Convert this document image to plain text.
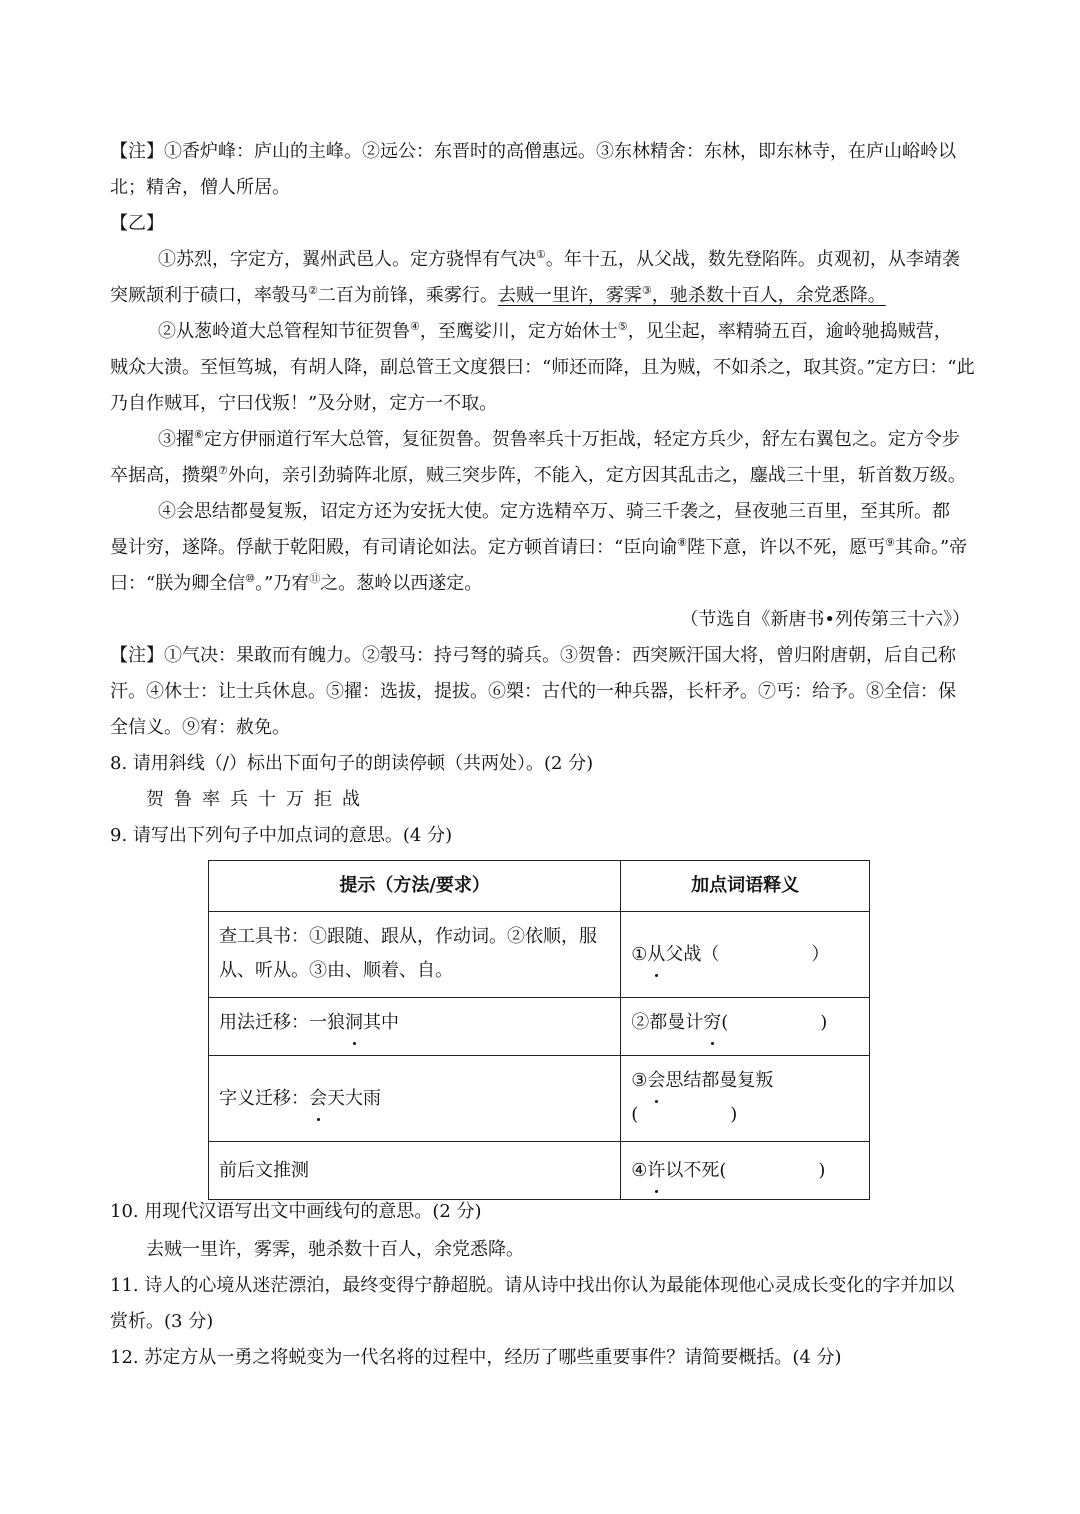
【注】①香炉峰：庐山的主峰。②远公：东晋时的高僧惠远。③东林精舍：东林，即东林寺，在庐山峪岭以
北；精舍，僧人所居。
【乙】
①苏烈，字定方，翼州武邑人。定方骁悍有气决①。年十五，从父战，数先登陷阵。贞观初，从李靖袭
突厥颉利于碛口，率彀马②二百为前锋，乘雾行。去贼一里许，雾霁③，驰杀数十百人，余党悉降。
②从葱岭道大总管程知节征贺鲁④，至鹰娑川，定方始休士⑤，见尘起，率精骑五百，逾岭驰捣贼营，
贼众大溃。至恒笃城，有胡人降，副总管王文度猥曰：“师还而降，且为贼，不如杀之，取其资。”定方曰：“此
乃自作贼耳，宁曰伐叛！”及分财，定方一不取。
③擢⑥定方伊丽道行军大总管，复征贺鲁。贺鲁率兵十万拒战，轻定方兵少，舒左右翼包之。定方令步
卒据高，攒槊⑦外向，亲引劲骑阵北原，贼三突步阵，不能入，定方因其乱击之，鏖战三十里，斩首数万级。
④会思结都曼复叛，诏定方还为安抚大使。定方选精卒万、骑三千袭之，昼夜驰三百里，至其所。都
曼计穷，遂降。俘献于乾阳殿，有司请论如法。定方顿首请曰：“臣向谕⑧陛下意，许以不死，愿丐⑨其命。”帝
曰：“朕为卿全信⑩。”乃宥⑪之。葱岭以西遂定。
（节选自《新唐书•列传第三十六》）
【注】①气决：果敢而有魄力。②彀马：持弓弩的骑兵。③贺鲁：西突厥汗国大将，曾归附唐朝，后自己称
汗。④休士：让士兵休息。⑤擢：选拔，提拔。⑥槊：古代的一种兵器，长杆矛。⑦丐：给予。⑧全信：保
全信义。⑨宥：赦免。
8. 请用斜线（/）标出下面句子的朗读停顿（共两处）。(2 分)
贺鲁率兵十万拒战
9. 请写出下列句子中加点词的意思。(4 分)
提示（方法/要求）	加点词语释义
查工具书：①跟随、跟从，作动词。②依顺，服
从、听从。③由、顺着、自。	①从父战（ ）
用法迁移：一狼洞其中	②都曼计穷( )
字义迁移：会天大雨	③会思结都曼复叛
( )
前后文推测	④许以不死( )
10. 用现代汉语写出文中画线句的意思。(2 分)
去贼一里许，雾霁，驰杀数十百人，余党悉降。
11. 诗人的心境从迷茫漂泊，最终变得宁静超脱。请从诗中找出你认为最能体现他心灵成长变化的字并加以
赏析。(3 分)
12. 苏定方从一勇之将蜕变为一代名将的过程中，经历了哪些重要事件？请简要概括。(4 分)
